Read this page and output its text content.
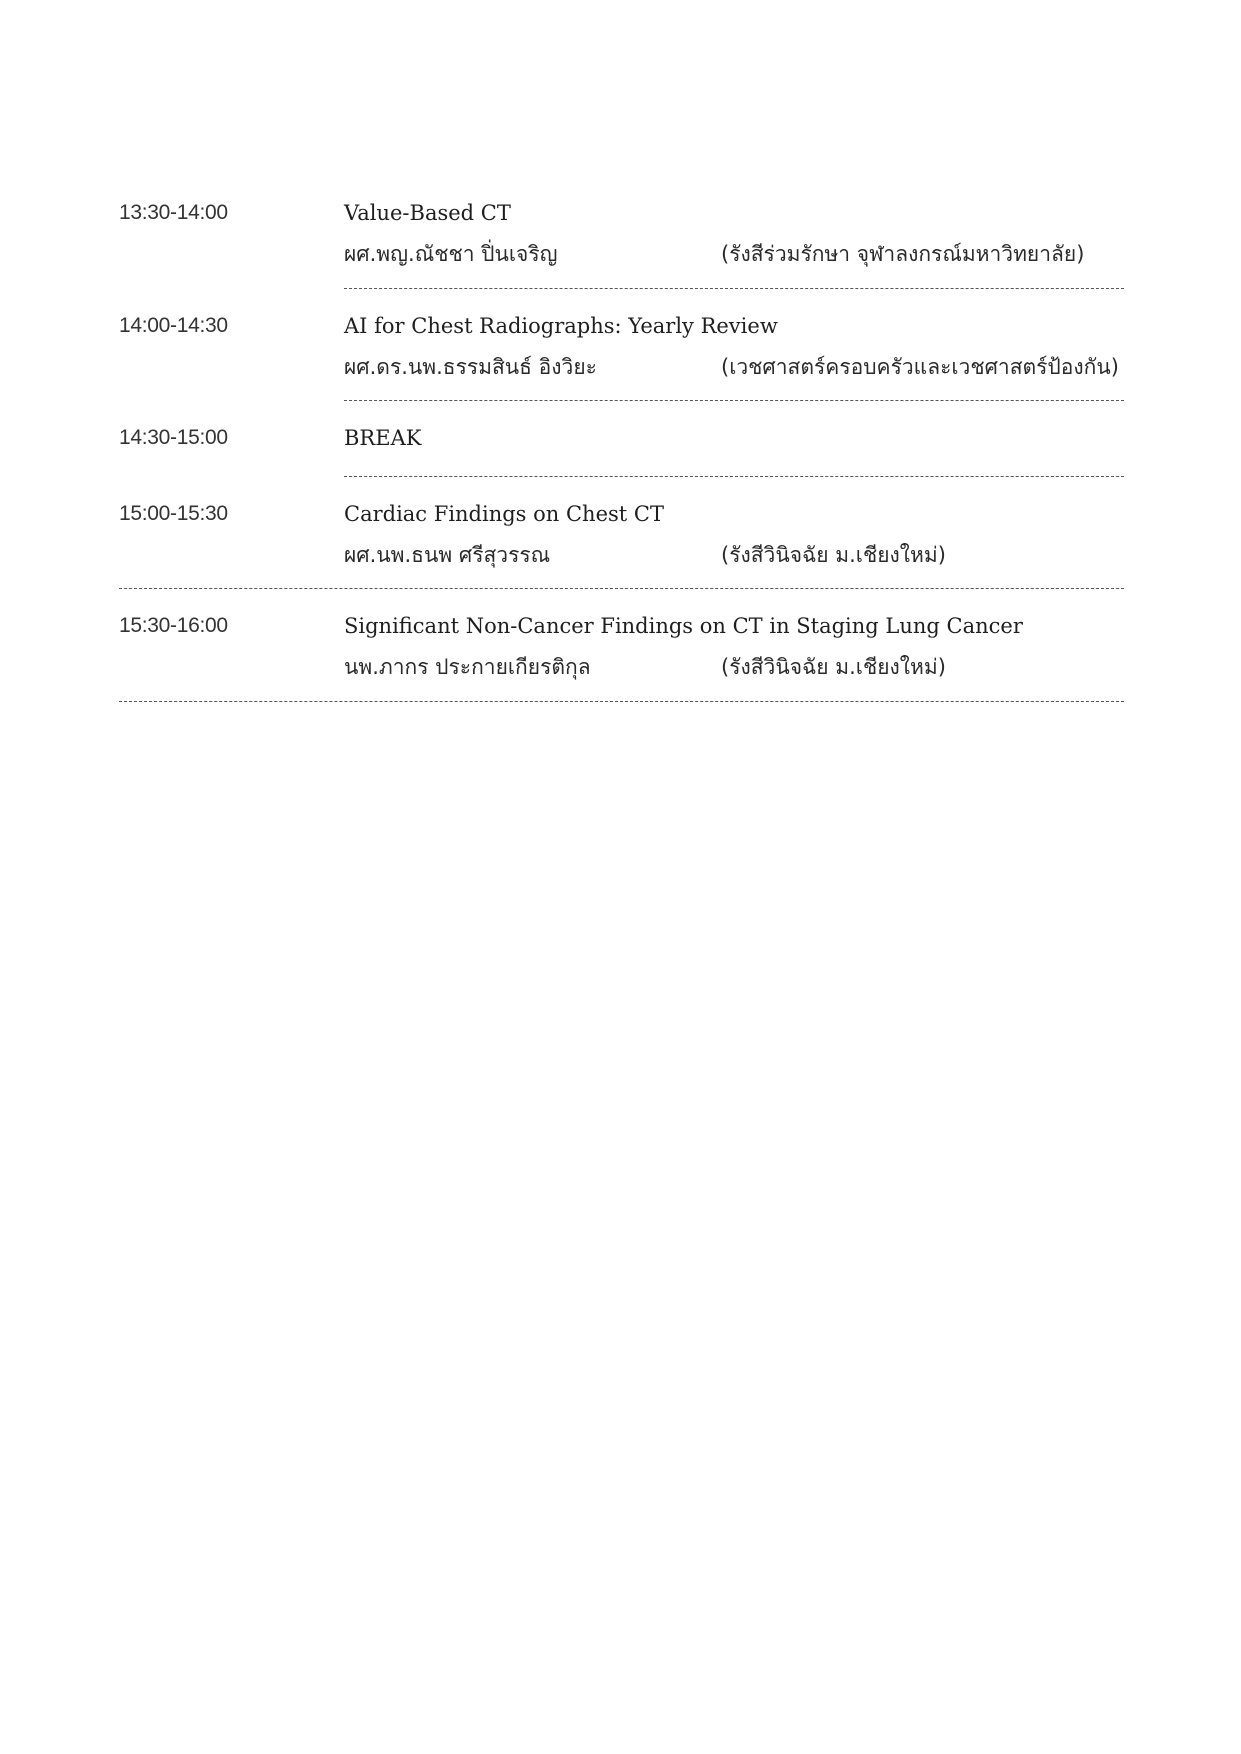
13:30-14:00	Value-Based CT
ผศ.พญ.ณัชชา ปิ่นเจริญ	(รังสีร่วมรักษา จุฬาลงกรณ์มหาวิทยาลัย)
14:00-14:30	AI for Chest Radiographs: Yearly Review
ผศ.ดร.นพ.ธรรมสินธ์ อิงวิยะ	(เวชศาสตร์ครอบครัวและเวชศาสตร์ป้องกัน)
14:30-15:00	BREAK
15:00-15:30	Cardiac Findings on Chest CT
ผศ.นพ.ธนพ ศรีสุวรรณ	(รังสีวินิจฉัย ม.เชียงใหม่)
15:30-16:00	Significant Non-Cancer Findings on CT in Staging Lung Cancer
นพ.ภากร ประกายเกียรติกุล	(รังสีวินิจฉัย ม.เชียงใหม่)
